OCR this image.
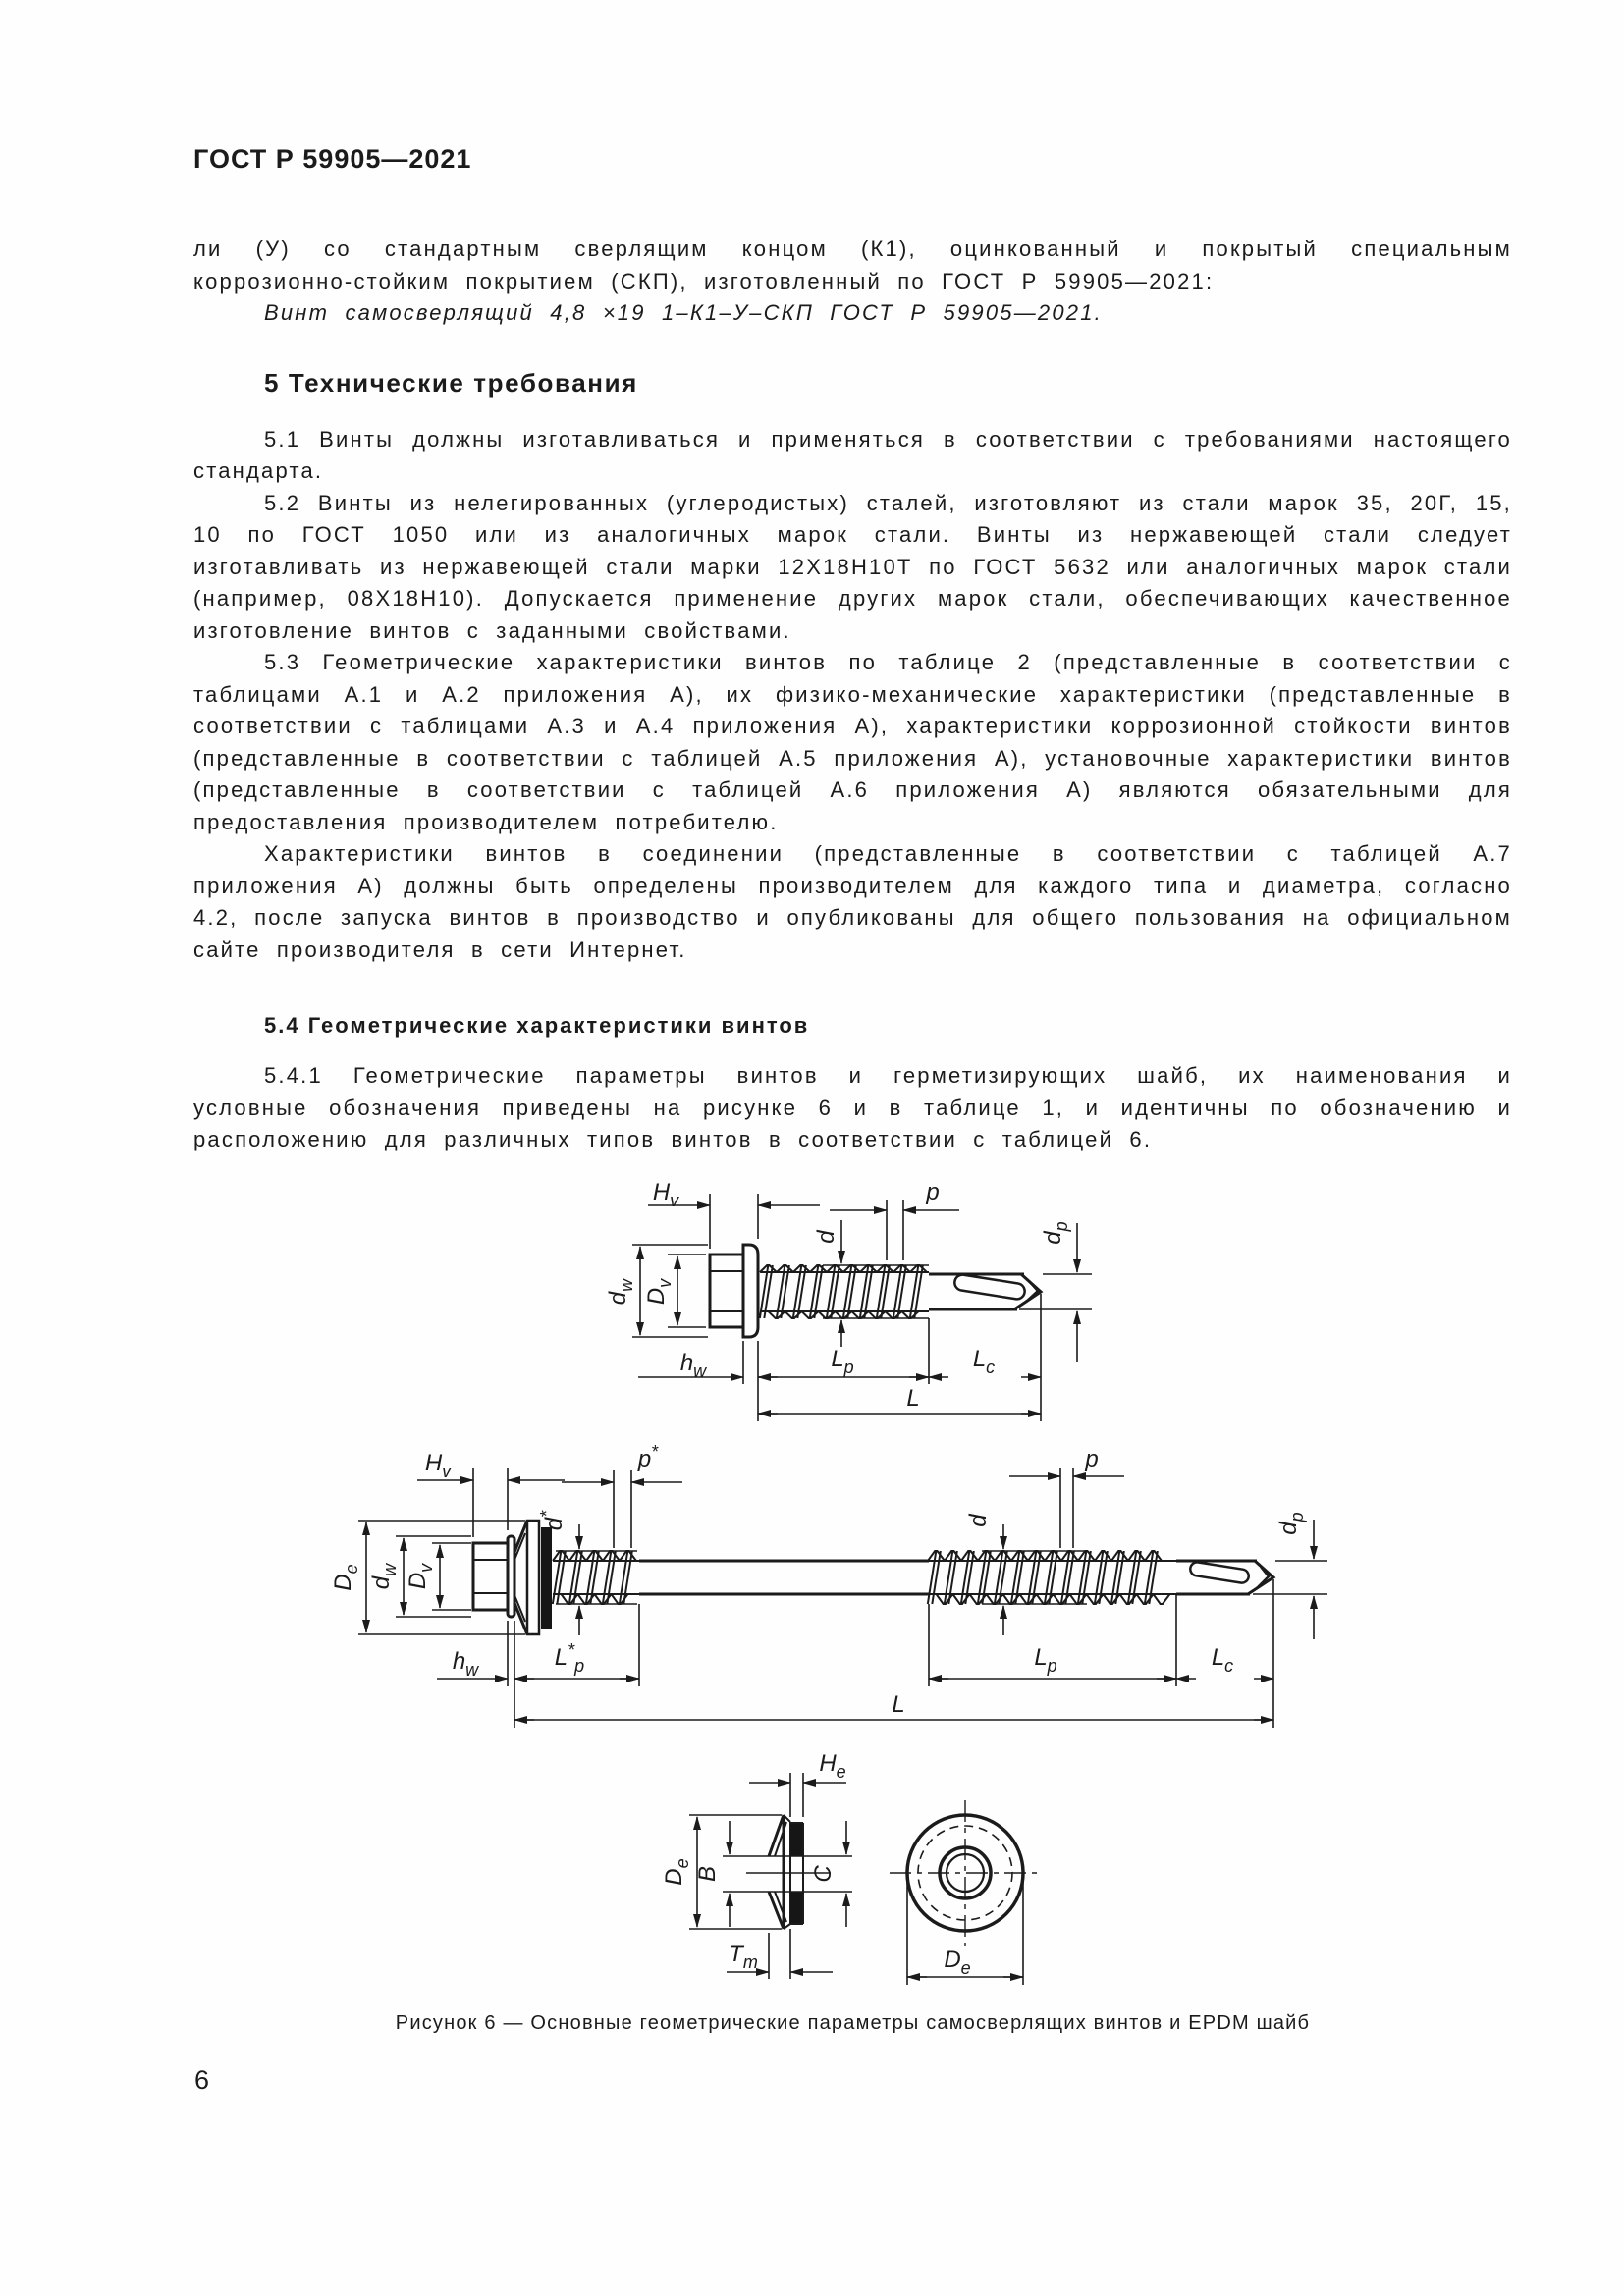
ГОСТ Р 59905—2021

ли (У) со стандартным сверлящим концом (К1), оцинкованный и покрытый специальным коррозионно-стойким покрытием (СКП), изготовленный по ГОСТ Р 59905—2021:

Винт самосверлящий 4,8 ×19 1–К1–У–СКП ГОСТ Р 59905—2021.

5 Технические требования

5.1 Винты должны изготавливаться и применяться в соответствии с требованиями настоящего стандарта.

5.2 Винты из нелегированных (углеродистых) сталей, изготовляют из стали марок 35, 20Г, 15, 10 по ГОСТ 1050 или из аналогичных марок стали. Винты из нержавеющей стали следует изготавливать из нержавеющей стали марки 12Х18Н10Т по ГОСТ 5632 или аналогичных марок стали (например, 08Х18Н10). Допускается применение других марок стали, обеспечивающих качественное изготовление винтов с заданными свойствами.

5.3 Геометрические характеристики винтов по таблице 2 (представленные в соответствии с таблицами А.1 и А.2 приложения А), их физико-механические характеристики (представленные в соответствии с таблицами А.3 и А.4 приложения А), характеристики коррозионной стойкости винтов (представленные в соответствии с таблицей А.5 приложения А), установочные характеристики винтов (представленные в соответствии с таблицей А.6 приложения А) являются обязательными для предоставления производителем потребителю.

Характеристики винтов в соединении (представленные в соответствии с таблицей А.7 приложения А) должны быть определены производителем для каждого типа и диаметра, согласно 4.2, после запуска винтов в производство и опубликованы для общего пользования на официальном сайте производителя в сети Интернет.

5.4 Геометрические характеристики винтов

5.4.1 Геометрические параметры винтов и герметизирующих шайб, их наименования и условные обозначения приведены на рисунке 6 и в таблице 1, и идентичны по обозначению и расположению для различных типов винтов в соответствии с таблицей 6.

$H_v$	p
d	$d_p$
$d_w$
$D_v$
$h_w$	$L_p$	$L_c$
L
$H_v$	p*	p
d*	d
$d_p$
$D_e$
$d_w$
$D_v$
$h_w$	$L^*_p$	$L_p$	$L_c$
L
$H_e$
$D_e$
B	C
$T_m$	$D_e$
Рисунок 6 — Основные геометрические параметры самосверлящих винтов и EPDM шайб
6
